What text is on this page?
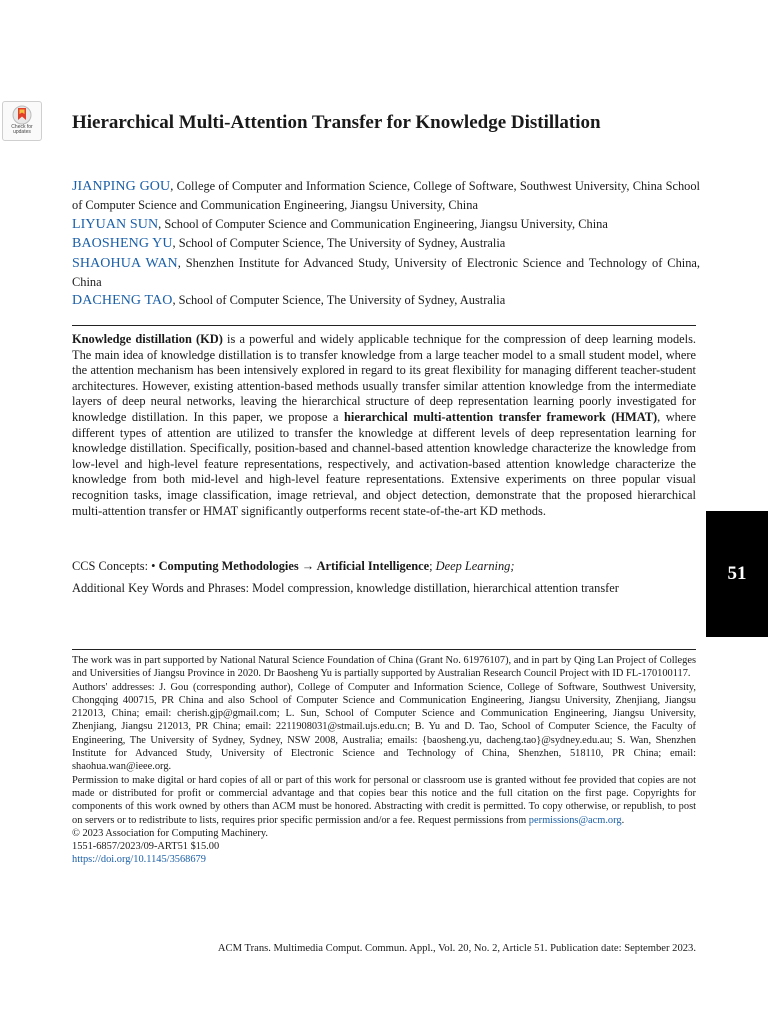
Check for
updates	Hierarchical Multi-Attention Transfer for Knowledge Distillation

JIANPING GOU, College of Computer and Information Science, College of Software, Southwest University, China School of Computer Science and Communication Engineering, Jiangsu University, China

LIYUAN SUN, School of Computer Science and Communication Engineering, Jiangsu University, China

BAOSHENG YU, School of Computer Science, The University of Sydney, Australia

SHAOHUA WAN, Shenzhen Institute for Advanced Study, University of Electronic Science and Technology of China, China

DACHENG TAO, School of Computer Science, The University of Sydney, Australia

Knowledge distillation (KD) is a powerful and widely applicable technique for the compression of deep learning models. The main idea of knowledge distillation is to transfer knowledge from a large teacher model to a small student model, where the attention mechanism has been intensively explored in regard to its great flexibility for managing different teacher-student architectures. However, existing attention-based methods usually transfer similar attention knowledge from the intermediate layers of deep neural networks, leaving the hierarchical structure of deep representation learning poorly investigated for knowledge distillation. In this paper, we propose a hierarchical multi-attention transfer framework (HMAT), where different types of attention are utilized to transfer the knowledge at different levels of deep representation learning for knowledge distillation. Specifically, position-based and channel-based attention knowledge characterize the knowledge from low-level and high-level feature representations, respectively, and activation-based attention knowledge characterize the knowledge from both mid-level and high-level feature representations. Extensive experiments on three popular visual recognition tasks, image classification, image retrieval, and object detection, demonstrate that the proposed hierarchical multi-attention transfer or HMAT significantly outperforms recent state-of-the-art KD methods.

CCS Concepts: • Computing Methodologies → Artificial Intelligence; Deep Learning;
Additional Key Words and Phrases: Model compression, knowledge distillation, hierarchical attention transfer
51

The work was in part supported by National Natural Science Foundation of China (Grant No. 61976107), and in part by Qing Lan Project of Colleges and Universities of Jiangsu Province in 2020. Dr Baosheng Yu is partially supported by Australian Research Council Project with ID FL-170100117.

Authors' addresses: J. Gou (corresponding author), College of Computer and Information Science, College of Software, Southwest University, Chongqing 400715, PR China and also School of Computer Science and Communication Engineering, Jiangsu University, Zhenjiang, Jiangsu 212013, China; email: cherish.gjp@gmail.com; L. Sun, School of Computer Science and Communication Engineering, Jiangsu University, Zhenjiang, Jiangsu 212013, PR China; email: 2211908031@stmail.ujs.edu.cn; B. Yu and D. Tao, School of Computer Science, the Faculty of Engineering, The University of Sydney, Sydney, NSW 2008, Australia; emails: {baosheng.yu, dacheng.tao}@sydney.edu.au; S. Wan, Shenzhen Institute for Advanced Study, University of Electronic Science and Technology of China, Shenzhen, 518110, PR China; email: shaohua.wan@ieee.org.

Permission to make digital or hard copies of all or part of this work for personal or classroom use is granted without fee provided that copies are not made or distributed for profit or commercial advantage and that copies bear this notice and the full citation on the first page. Copyrights for components of this work owned by others than ACM must be honored. Abstracting with credit is permitted. To copy otherwise, or republish, to post on servers or to redistribute to lists, requires prior specific permission and/or a fee. Request permissions from permissions@acm.org.

© 2023 Association for Computing Machinery.

1551-6857/2023/09-ART51 $15.00

https://doi.org/10.1145/3568679

ACM Trans. Multimedia Comput. Commun. Appl., Vol. 20, No. 2, Article 51. Publication date: September 2023.
